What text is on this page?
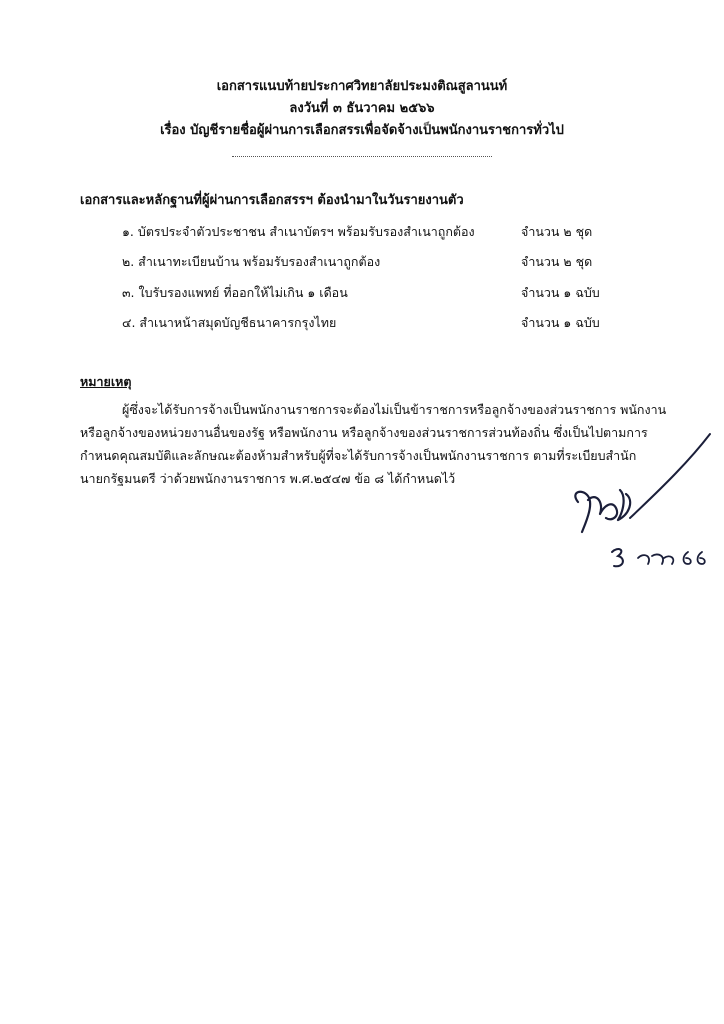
เอกสารแนบท้ายประกาศวิทยาลัยประมงติณสูลานนท์
ลงวันที่ ๓ ธันวาคม ๒๕๖๖
เรื่อง บัญชีรายชื่อผู้ผ่านการเลือกสรรเพื่อจัดจ้างเป็นพนักงานราชการทั่วไป
เอกสารและหลักฐานที่ผู้ผ่านการเลือกสรรฯ ต้องนำมาในวันรายงานตัว
๑. บัตรประจำตัวประชาชน สำเนาบัตรฯ พร้อมรับรองสำเนาถูกต้อง	จำนวน ๒ ชุด
๒. สำเนาทะเบียนบ้าน พร้อมรับรองสำเนาถูกต้อง	จำนวน ๒ ชุด
๓. ใบรับรองแพทย์ ที่ออกให้ไม่เกิน ๑ เดือน	จำนวน ๑ ฉบับ
๔. สำเนาหน้าสมุดบัญชีธนาคารกรุงไทย	จำนวน ๑ ฉบับ
หมายเหตุ
ผู้ซึ่งจะได้รับการจ้างเป็นพนักงานราชการจะต้องไม่เป็นข้าราชการหรือลูกจ้างของส่วนราชการ พนักงาน
หรือลูกจ้างของหน่วยงานอื่นของรัฐ หรือพนักงาน หรือลูกจ้างของส่วนราชการส่วนท้องถิ่น ซึ่งเป็นไปตามการ
กำหนดคุณสมบัติและลักษณะต้องห้ามสำหรับผู้ที่จะได้รับการจ้างเป็นพนักงานราชการ ตามที่ระเบียบสำนัก
นายกรัฐมนตรี ว่าด้วยพนักงานราชการ พ.ศ.๒๕๔๗ ข้อ ๘ ได้กำหนดไว้
